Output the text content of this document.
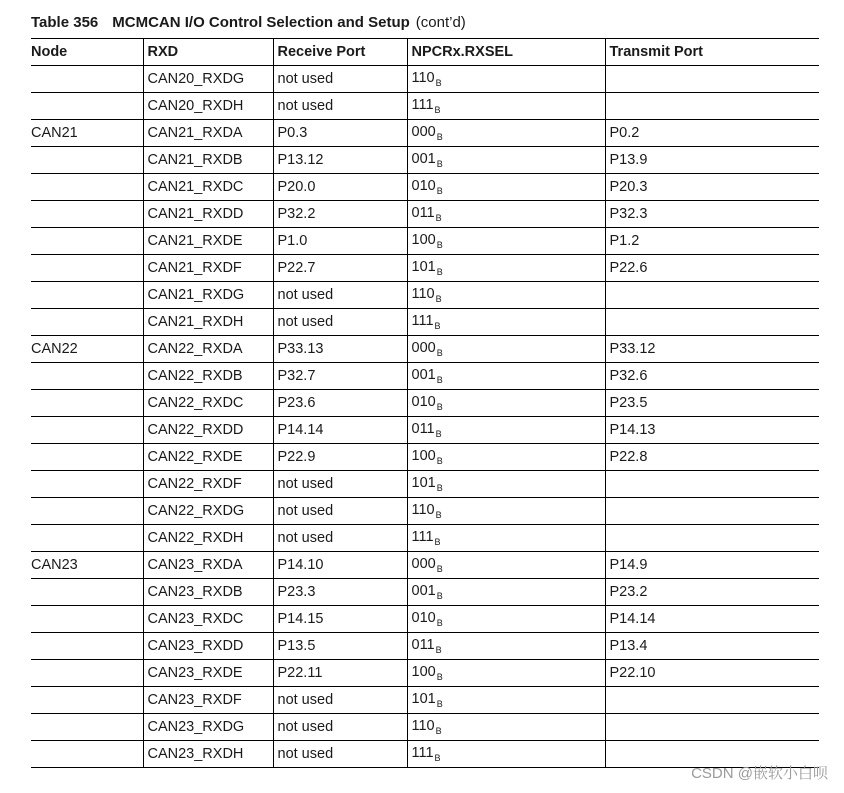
Table 356 MCMCAN I/O Control Selection and Setup (cont’d)
Node	RXD	Receive Port	NPCRx.RXSEL	Transmit Port
	CAN20_RXDG	not used	$110_B$	
	CAN20_RXDH	not used	$111_B$	
CAN21	CAN21_RXDA	P0.3	$000_B$	P0.2
	CAN21_RXDB	P13.12	$001_B$	P13.9
	CAN21_RXDC	P20.0	$010_B$	P20.3
	CAN21_RXDD	P32.2	$011_B$	P32.3
	CAN21_RXDE	P1.0	$100_B$	P1.2
	CAN21_RXDF	P22.7	$101_B$	P22.6
	CAN21_RXDG	not used	$110_B$	
	CAN21_RXDH	not used	$111_B$	
CAN22	CAN22_RXDA	P33.13	$000_B$	P33.12
	CAN22_RXDB	P32.7	$001_B$	P32.6
	CAN22_RXDC	P23.6	$010_B$	P23.5
	CAN22_RXDD	P14.14	$011_B$	P14.13
	CAN22_RXDE	P22.9	$100_B$	P22.8
	CAN22_RXDF	not used	$101_B$	
	CAN22_RXDG	not used	$110_B$	
	CAN22_RXDH	not used	$111_B$	
CAN23	CAN23_RXDA	P14.10	$000_B$	P14.9
	CAN23_RXDB	P23.3	$001_B$	P23.2
	CAN23_RXDC	P14.15	$010_B$	P14.14
	CAN23_RXDD	P13.5	$011_B$	P13.4
	CAN23_RXDE	P22.11	$100_B$	P22.10
	CAN23_RXDF	not used	$101_B$	
	CAN23_RXDG	not used	$110_B$	
	CAN23_RXDH	not used	$111_B$	
CSDN @嵌软小白呗
